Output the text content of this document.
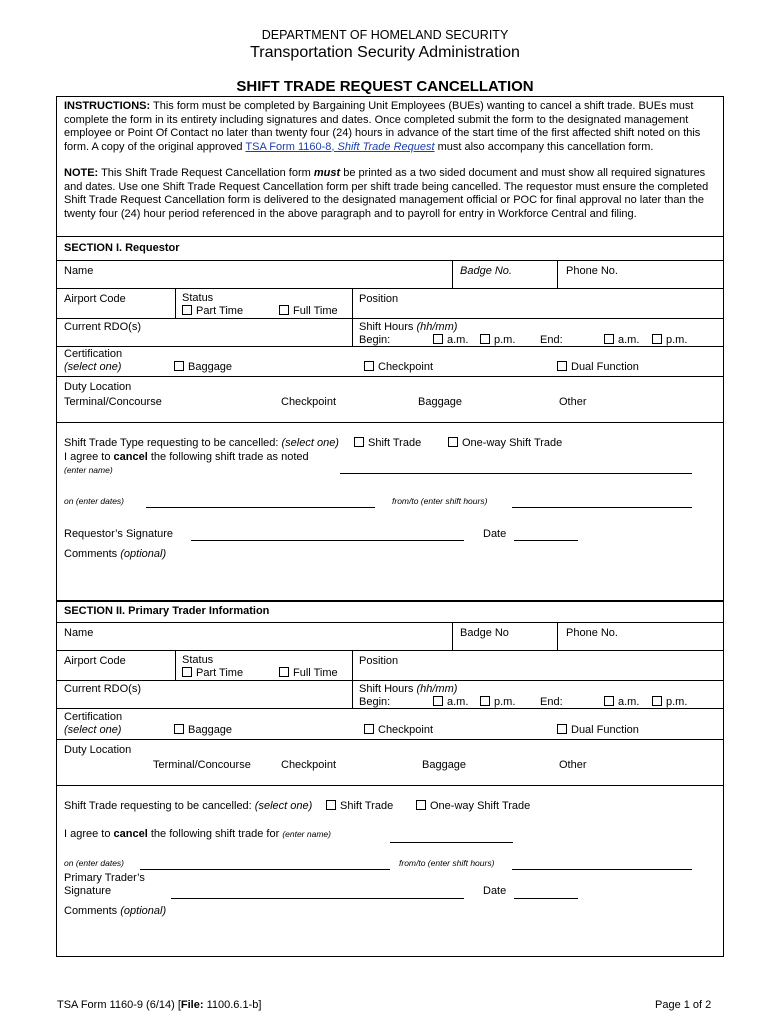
DEPARTMENT OF HOMELAND SECURITY
Transportation Security Administration
SHIFT TRADE REQUEST CANCELLATION
INSTRUCTIONS: This form must be completed by Bargaining Unit Employees (BUEs) wanting to cancel a shift trade. BUEs must complete the form in its entirety including signatures and dates. Once completed submit the form to the designated management employee or Point Of Contact no later than twenty four (24) hours in advance of the start time of the first affected shift noted on this form. A copy of the original approved TSA Form 1160-8, Shift Trade Request must also accompany this cancellation form.
NOTE: This Shift Trade Request Cancellation form must be printed as a two sided document and must show all required signatures and dates. Use one Shift Trade Request Cancellation form per shift trade being cancelled. The requestor must ensure the completed Shift Trade Request Cancellation form is delivered to the designated management official or POC for final approval no later than the twenty four (24) hour period referenced in the above paragraph and to payroll for entry in Workforce Central and filing.
SECTION I. Requestor
Name	Badge No.	Phone No.
Airport Code	Status
Part Time	Full Time
Position
Current RDO(s)	Shift Hours (hh/mm)
Begin:	a.m.	p.m. End:	a.m.	p.m.
Certification
(select one)	Baggage	Checkpoint	Dual Function
Duty Location
Terminal/Concourse	Checkpoint	Baggage	Other
Shift Trade Type requesting to be cancelled: (select one)	Shift Trade	One-way Shift Trade
I agree to cancel the following shift trade as noted
(enter name)
on (enter dates)	from/to (enter shift hours)
Requestor’s Signature	Date
Comments (optional)
SECTION II. Primary Trader Information
Name	Badge No	Phone No.
Airport Code	Status
Part Time	Full Time
Position
Current RDO(s)	Shift Hours (hh/mm)
Begin:	a.m.	p.m. End:	a.m.	p.m.
Certification
(select one)	Baggage	Checkpoint	Dual Function
Duty Location
Terminal/Concourse	Checkpoint	Baggage	Other
Shift Trade requesting to be cancelled: (select one)	Shift Trade	One-way Shift Trade
I agree to cancel the following shift trade for (enter name)
on (enter dates)	from/to (enter shift hours)
Primary Trader’s
Signature	Date
Comments (optional)
TSA Form 1160-9 (6/14) [File: 1100.6.1-b]	Page 1 of 2
